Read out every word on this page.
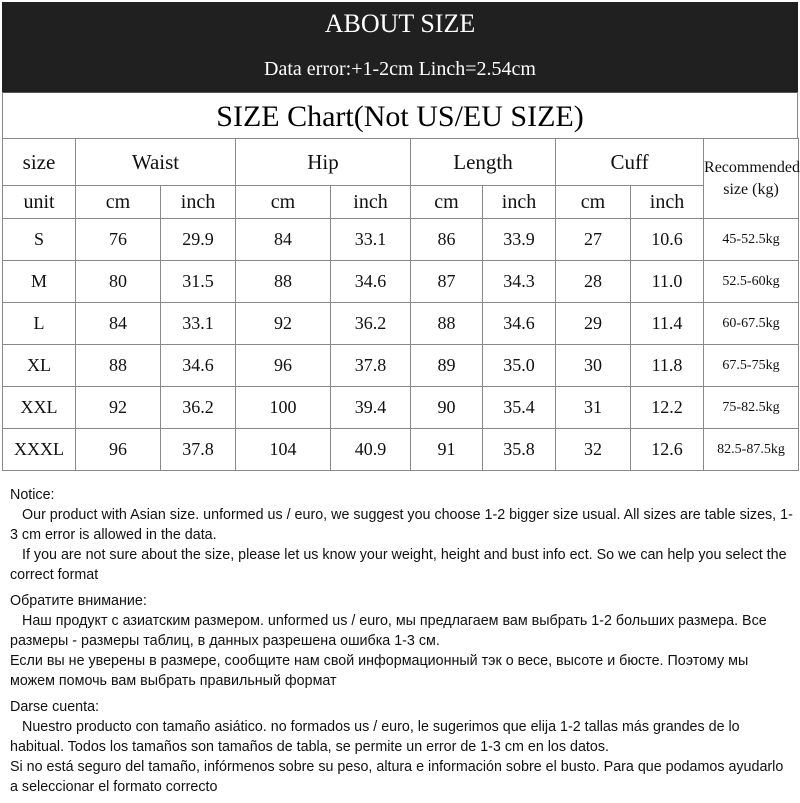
ABOUT SIZE
Data error:+1-2cm Linch=2.54cm
SIZE Chart(Not US/EU SIZE)
size	Waist		Hip		Length		Cuff		Recommended size (kg)
unit	cm	inch	cm	inch	cm	inch	cm	inch	
S	76	29.9	84	33.1	86	33.9	27	10.6	45-52.5kg
M	80	31.5	88	34.6	87	34.3	28	11.0	52.5-60kg
L	84	33.1	92	36.2	88	34.6	29	11.4	60-67.5kg
XL	88	34.6	96	37.8	89	35.0	30	11.8	67.5-75kg
XXL	92	36.2	100	39.4	90	35.4	31	12.2	75-82.5kg
XXXL	96	37.8	104	40.9	91	35.8	32	12.6	82.5-87.5kg

Notice:
Our product with Asian size. unformed us / euro, we suggest you choose 1-2 bigger size usual. All sizes are table sizes, 1-3 cm error is allowed in the data.
If you are not sure about the size, please let us know your weight, height and bust info ect. So we can help you select the correct format

Обратите внимание:
Наш продукт с азиатским размером. unformed us / euro, мы предлагаем вам выбрать 1-2 больших размера. Все размеры - размеры таблиц, в данных разрешена ошибка 1-3 см.
Если вы не уверены в размере, сообщите нам свой информационный тэк о весе, высоте и бюсте. Поэтому мы можем помочь вам выбрать правильный формат

Darse cuenta:
Nuestro producto con tamaño asiático. no formados us / euro, le sugerimos que elija 1-2 tallas más grandes de lo habitual. Todos los tamaños son tamaños de tabla, se permite un error de 1-3 cm en los datos.
Si no está seguro del tamaño, infórmenos sobre su peso, altura e información sobre el busto. Para que podamos ayudarlo a seleccionar el formato correcto
